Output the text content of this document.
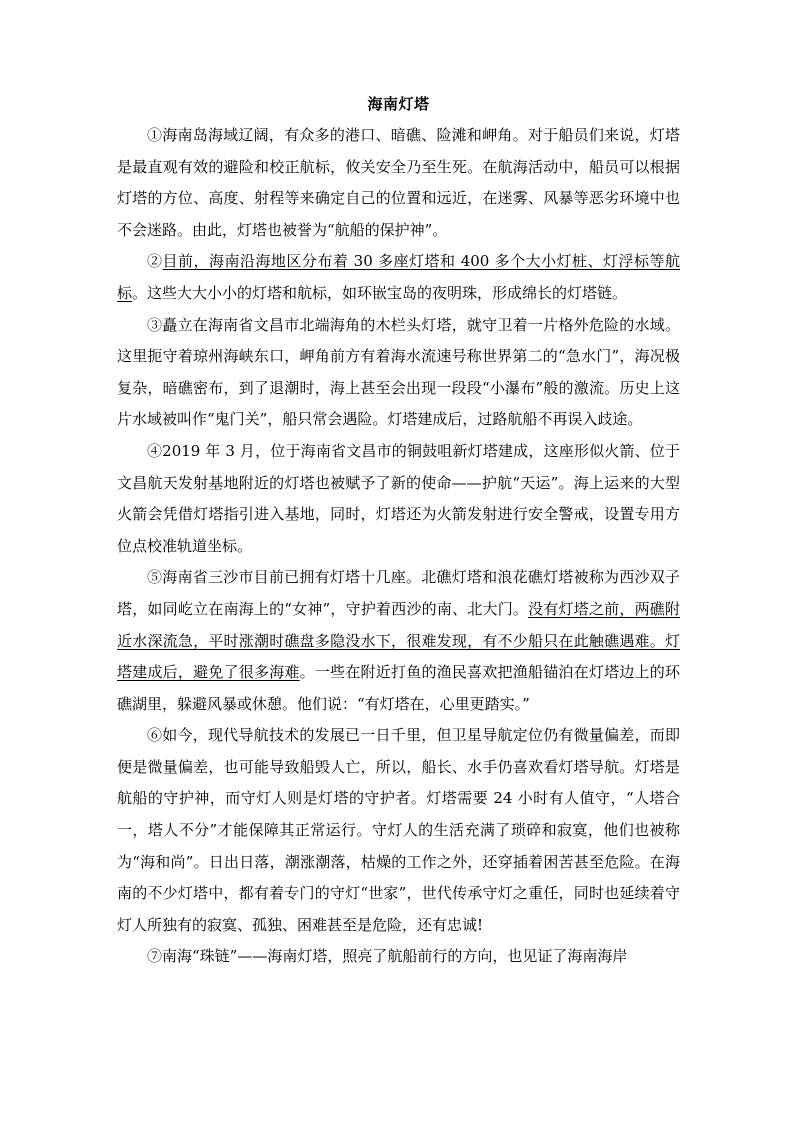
海南灯塔

①海南岛海域辽阔，有众多的港口、暗礁、险滩和岬角。对于船员们来说，灯塔是最直观有效的避险和校正航标，攸关安全乃至生死。在航海活动中，船员可以根据灯塔的方位、高度、射程等来确定自己的位置和远近，在迷雾、风暴等恶劣环境中也不会迷路。由此，灯塔也被誉为“航船的保护神”。

②目前，海南沿海地区分布着 30 多座灯塔和 400 多个大小灯桩、灯浮标等航标。这些大大小小的灯塔和航标，如环嵌宝岛的夜明珠，形成绵长的灯塔链。

③矗立在海南省文昌市北端海角的木栏头灯塔，就守卫着一片格外危险的水域。这里扼守着琼州海峡东口，岬角前方有着海水流速号称世界第二的“急水门”，海况极复杂，暗礁密布，到了退潮时，海上甚至会出现一段段“小瀑布”般的激流。历史上这片水域被叫作“鬼门关”，船只常会遇险。灯塔建成后，过路航船不再误入歧途。

④2019 年 3 月，位于海南省文昌市的铜鼓咀新灯塔建成，这座形似火箭、位于文昌航天发射基地附近的灯塔也被赋予了新的使命——护航“天运”。海上运来的大型火箭会凭借灯塔指引进入基地，同时，灯塔还为火箭发射进行安全警戒，设置专用方位点校准轨道坐标。

⑤海南省三沙市目前已拥有灯塔十几座。北礁灯塔和浪花礁灯塔被称为西沙双子塔，如同屹立在南海上的“女神”，守护着西沙的南、北大门。没有灯塔之前，两礁附近水深流急，平时涨潮时礁盘多隐没水下，很难发现，有不少船只在此触礁遇难。灯塔建成后，避免了很多海难。一些在附近打鱼的渔民喜欢把渔船锚泊在灯塔边上的环礁湖里，躲避风暴或休憩。他们说：“有灯塔在，心里更踏实。”

⑥如今，现代导航技术的发展已一日千里，但卫星导航定位仍有微量偏差，而即便是微量偏差，也可能导致船毁人亡，所以，船长、水手仍喜欢看灯塔导航。灯塔是航船的守护神，而守灯人则是灯塔的守护者。灯塔需要 24 小时有人值守，“人塔合一，塔人不分”才能保障其正常运行。守灯人的生活充满了琐碎和寂寞，他们也被称为“海和尚”。日出日落，潮涨潮落，枯燥的工作之外，还穿插着困苦甚至危险。在海南的不少灯塔中，都有着专门的守灯“世家”，世代传承守灯之重任，同时也延续着守灯人所独有的寂寞、孤独、困难甚至是危险，还有忠诚!

⑦南海“珠链”——海南灯塔，照亮了航船前行的方向，也见证了海南海岸
